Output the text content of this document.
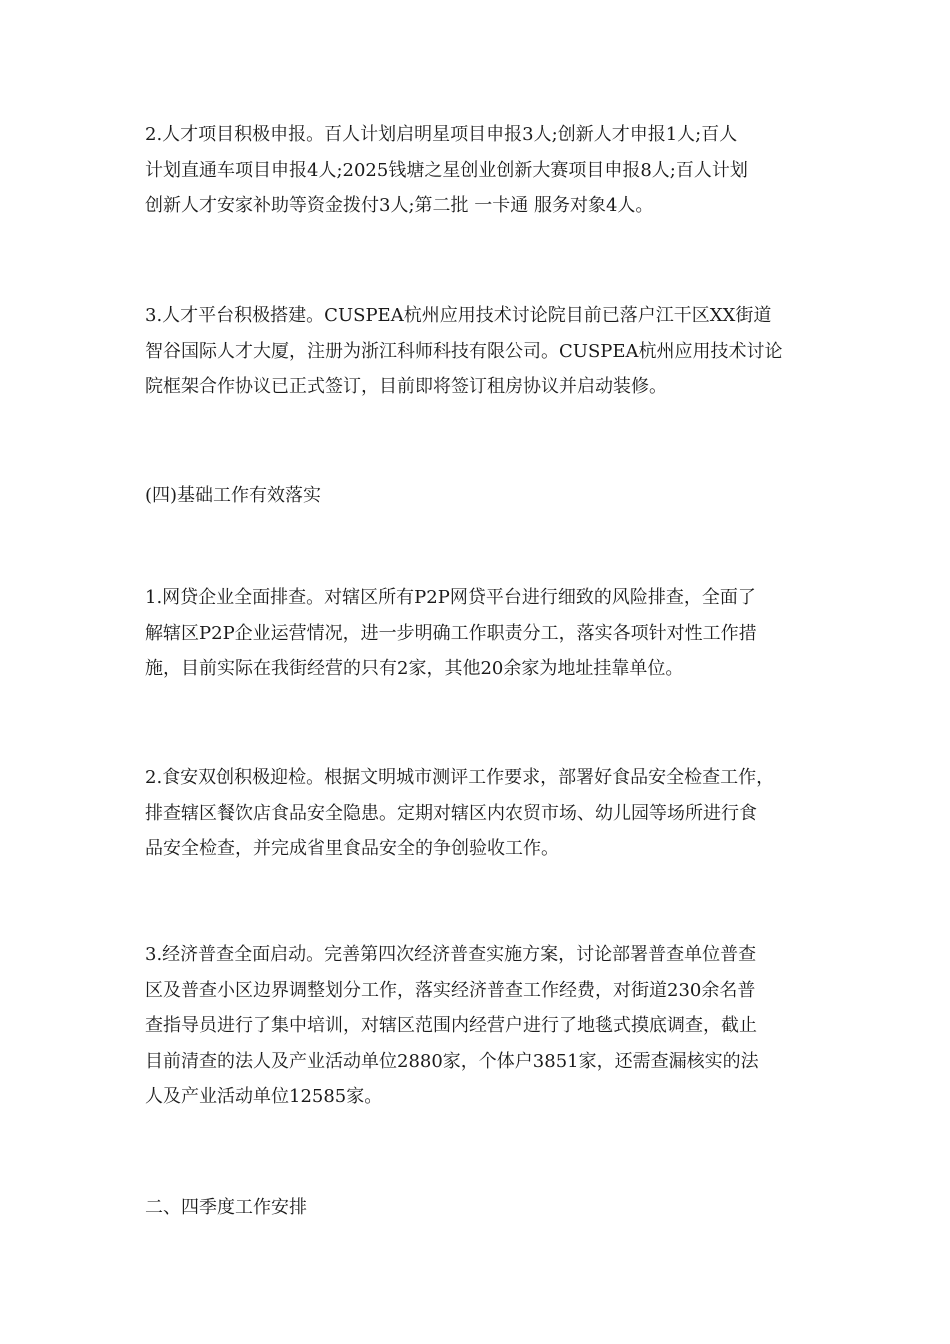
2.人才项目积极申报。百人计划启明星项目申报3人;创新人才申报1人;百人
计划直通车项目申报4人;2025钱塘之星创业创新大赛项目申报8人;百人计划
创新人才安家补助等资金拨付3人;第二批 一卡通 服务对象4人。

3.人才平台积极搭建。CUSPEA杭州应用技术讨论院目前已落户江干区XX街道
智谷国际人才大厦，注册为浙江科师科技有限公司。CUSPEA杭州应用技术讨论
院框架合作协议已正式签订，目前即将签订租房协议并启动装修。

(四)基础工作有效落实

1.网贷企业全面排查。对辖区所有P2P网贷平台进行细致的风险排查，全面了
解辖区P2P企业运营情况，进一步明确工作职责分工，落实各项针对性工作措
施，目前实际在我街经营的只有2家，其他20余家为地址挂靠单位。

2.食安双创积极迎检。根据文明城市测评工作要求，部署好食品安全检查工作，
排查辖区餐饮店食品安全隐患。定期对辖区内农贸市场、幼儿园等场所进行食
品安全检查，并完成省里食品安全的争创验收工作。

3.经济普查全面启动。完善第四次经济普查实施方案，讨论部署普查单位普查
区及普查小区边界调整划分工作，落实经济普查工作经费，对街道230余名普
查指导员进行了集中培训，对辖区范围内经营户进行了地毯式摸底调查，截止
目前清查的法人及产业活动单位2880家，个体户3851家，还需查漏核实的法
人及产业活动单位12585家。

二、四季度工作安排
